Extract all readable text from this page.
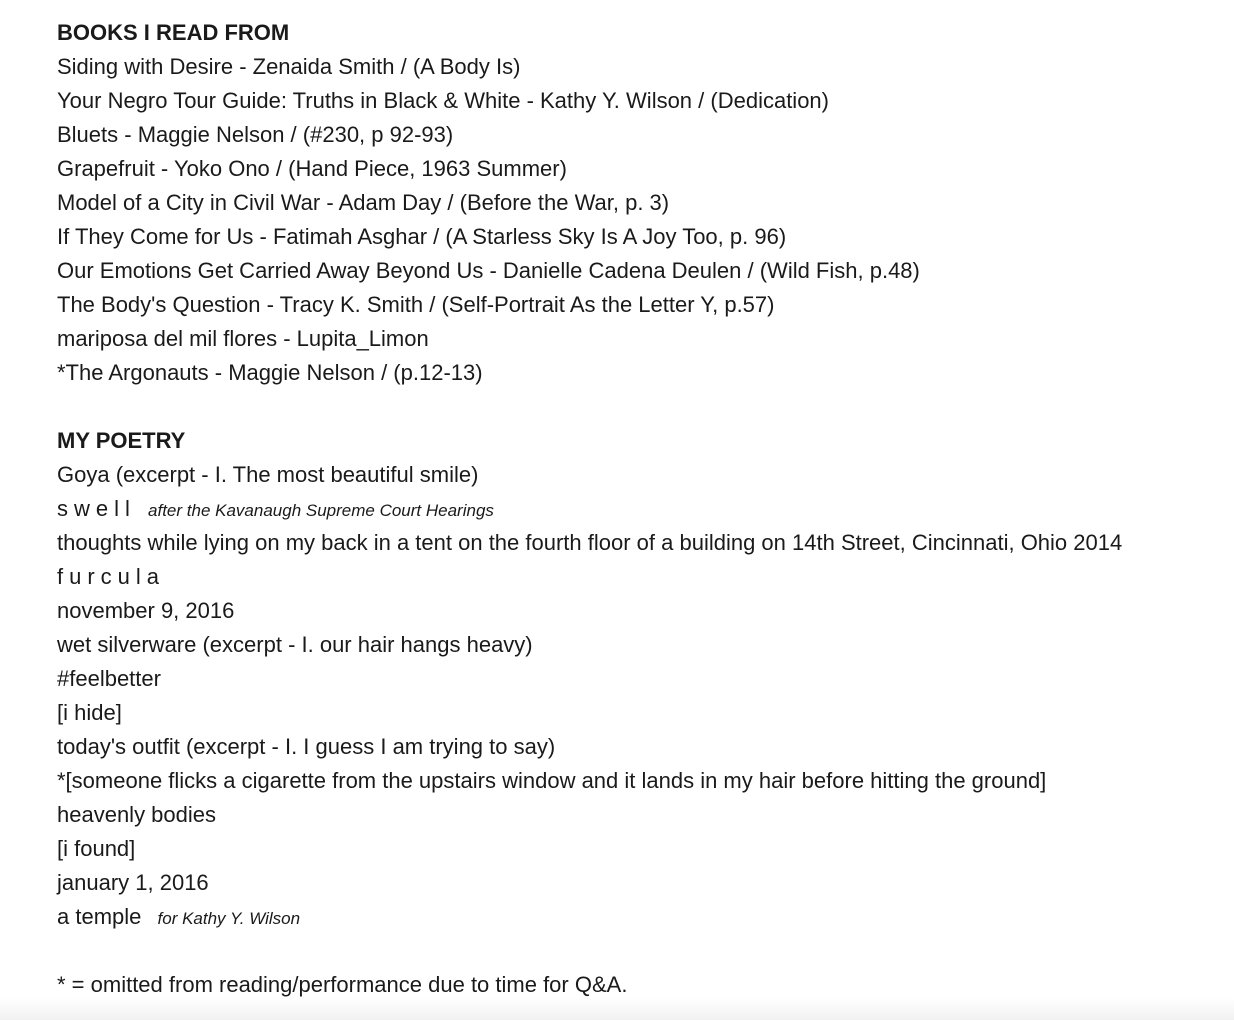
BOOKS I READ FROM
Siding with Desire - Zenaida Smith / (A Body Is)
Your Negro Tour Guide: Truths in Black & White - Kathy Y. Wilson / (Dedication)
Bluets - Maggie Nelson / (#230, p 92-93)
Grapefruit - Yoko Ono / (Hand Piece, 1963 Summer)
Model of a City in Civil War - Adam Day / (Before the War, p. 3)
If They Come for Us - Fatimah Asghar / (A Starless Sky Is A Joy Too, p. 96)
Our Emotions Get Carried Away Beyond Us - Danielle Cadena Deulen / (Wild Fish, p.48)
The Body's Question - Tracy K. Smith / (Self-Portrait As the Letter Y, p.57)
mariposa del mil flores - Lupita_Limon
*The Argonauts - Maggie Nelson / (p.12-13)
MY POETRY
Goya (excerpt - I. The most beautiful smile)
swell after the Kavanaugh Supreme Court Hearings
thoughts while lying on my back in a tent on the fourth floor of a building on 14th Street, Cincinnati, Ohio 2014
furcula
november 9, 2016
wet silverware (excerpt - I. our hair hangs heavy)
#feelbetter
[i hide]
today's outfit (excerpt - I. I guess I am trying to say)
*[someone flicks a cigarette from the upstairs window and it lands in my hair before hitting the ground]
heavenly bodies
[i found]
january 1, 2016
a temple for Kathy Y. Wilson
* = omitted from reading/performance due to time for Q&A.
